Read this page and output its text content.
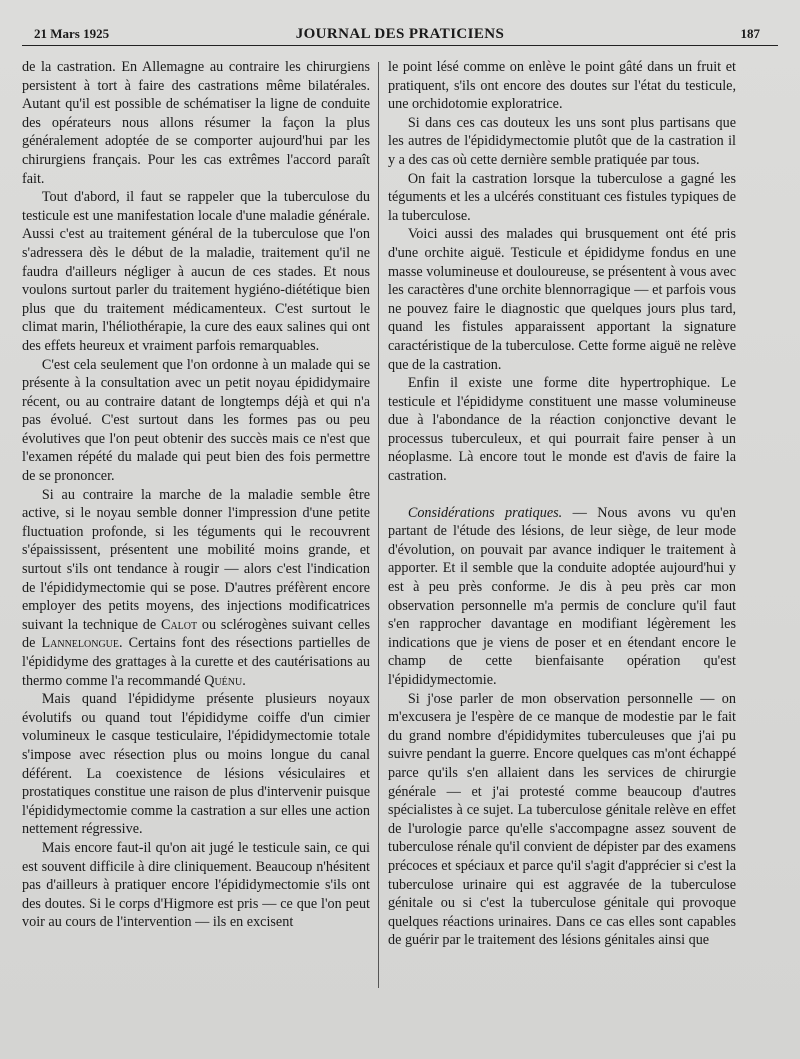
21 Mars 1925	JOURNAL DES PRATICIENS	187

de la castration. En Allemagne au contraire les chirurgiens persistent à tort à faire des castrations même bilatérales. Autant qu'il est possible de schématiser la ligne de conduite des opérateurs nous allons résumer la façon la plus généralement adoptée de se comporter aujourd'hui par les chirurgiens français. Pour les cas extrêmes l'accord paraît fait.

Tout d'abord, il faut se rappeler que la tuberculose du testicule est une manifestation locale d'une maladie générale. Aussi c'est au traitement général de la tuberculose que l'on s'adressera dès le début de la maladie, traitement qu'il ne faudra d'ailleurs négliger à aucun de ces stades. Et nous voulons surtout parler du traitement hygiéno-diététique bien plus que du traitement médicamenteux. C'est surtout le climat marin, l'héliothérapie, la cure des eaux salines qui ont des effets heureux et vraiment parfois remarquables.

C'est cela seulement que l'on ordonne à un malade qui se présente à la consultation avec un petit noyau épididymaire récent, ou au contraire datant de longtemps déjà et qui n'a pas évolué. C'est surtout dans les formes pas ou peu évolutives que l'on peut obtenir des succès mais ce n'est que l'examen répété du malade qui peut bien des fois permettre de se prononcer.

Si au contraire la marche de la maladie semble être active, si le noyau semble donner l'impression d'une petite fluctuation profonde, si les téguments qui le recouvrent s'épaississent, présentent une mobilité moins grande, et surtout s'ils ont tendance à rougir — alors c'est l'indication de l'épididymectomie qui se pose. D'autres préfèrent encore employer des petits moyens, des injections modificatrices suivant la technique de Calot ou sclérogènes suivant celles de Lannelongue. Certains font des résections partielles de l'épididyme des grattages à la curette et des cautérisations au thermo comme l'a recommandé Quénu.

Mais quand l'épididyme présente plusieurs noyaux évolutifs ou quand tout l'épididyme coiffe d'un cimier volumineux le casque testiculaire, l'épididymectomie totale s'impose avec résection plus ou moins longue du canal déférent. La coexistence de lésions vésiculaires et prostatiques constitue une raison de plus d'intervenir puisque l'épididymectomie comme la castration a sur elles une action nettement régressive.

Mais encore faut-il qu'on ait jugé le testicule sain, ce qui est souvent difficile à dire cliniquement. Beaucoup n'hésitent pas d'ailleurs à pratiquer encore l'épididymectomie s'ils ont des doutes. Si le corps d'Higmore est pris — ce que l'on peut voir au cours de l'intervention — ils en excisent

le point lésé comme on enlève le point gâté dans un fruit et pratiquent, s'ils ont encore des doutes sur l'état du testicule, une orchidotomie exploratrice.

Si dans ces cas douteux les uns sont plus partisans que les autres de l'épididymectomie plutôt que de la castration il y a des cas où cette dernière semble pratiquée par tous.

On fait la castration lorsque la tuberculose a gagné les téguments et les a ulcérés constituant ces fistules typiques de la tuberculose.

Voici aussi des malades qui brusquement ont été pris d'une orchite aiguë. Testicule et épididyme fondus en une masse volumineuse et douloureuse, se présentent à vous avec les caractères d'une orchite blennorragique — et parfois vous ne pouvez faire le diagnostic que quelques jours plus tard, quand les fistules apparaissent apportant la signature caractéristique de la tuberculose. Cette forme aiguë ne relève que de la castration.

Enfin il existe une forme dite hypertrophique. Le testicule et l'épididyme constituent une masse volumineuse due à l'abondance de la réaction conjonctive devant le processus tuberculeux, et qui pourrait faire penser à un néoplasme. Là encore tout le monde est d'avis de faire la castration.

Considérations pratiques. — Nous avons vu qu'en partant de l'étude des lésions, de leur siège, de leur mode d'évolution, on pouvait par avance indiquer le traitement à apporter. Et il semble que la conduite adoptée aujourd'hui y est à peu près conforme. Je dis à peu près car mon observation personnelle m'a permis de conclure qu'il faut s'en rapprocher davantage en modifiant légèrement les indications que je viens de poser et en étendant encore le champ de cette bienfaisante opération qu'est l'épididymectomie.

Si j'ose parler de mon observation personnelle — on m'excusera je l'espère de ce manque de modestie par le fait du grand nombre d'épididymites tuberculeuses que j'ai pu suivre pendant la guerre. Encore quelques cas m'ont échappé parce qu'ils s'en allaient dans les services de chirurgie générale — et j'ai protesté comme beaucoup d'autres spécialistes à ce sujet. La tuberculose génitale relève en effet de l'urologie parce qu'elle s'accompagne assez souvent de tuberculose rénale qu'il convient de dépister par des examens précoces et spéciaux et parce qu'il s'agit d'apprécier si c'est la tuberculose urinaire qui est aggravée de la tuberculose génitale ou si c'est la tuberculose génitale qui provoque quelques réactions urinaires. Dans ce cas elles sont capables de guérir par le traitement des lésions génitales ainsi que
